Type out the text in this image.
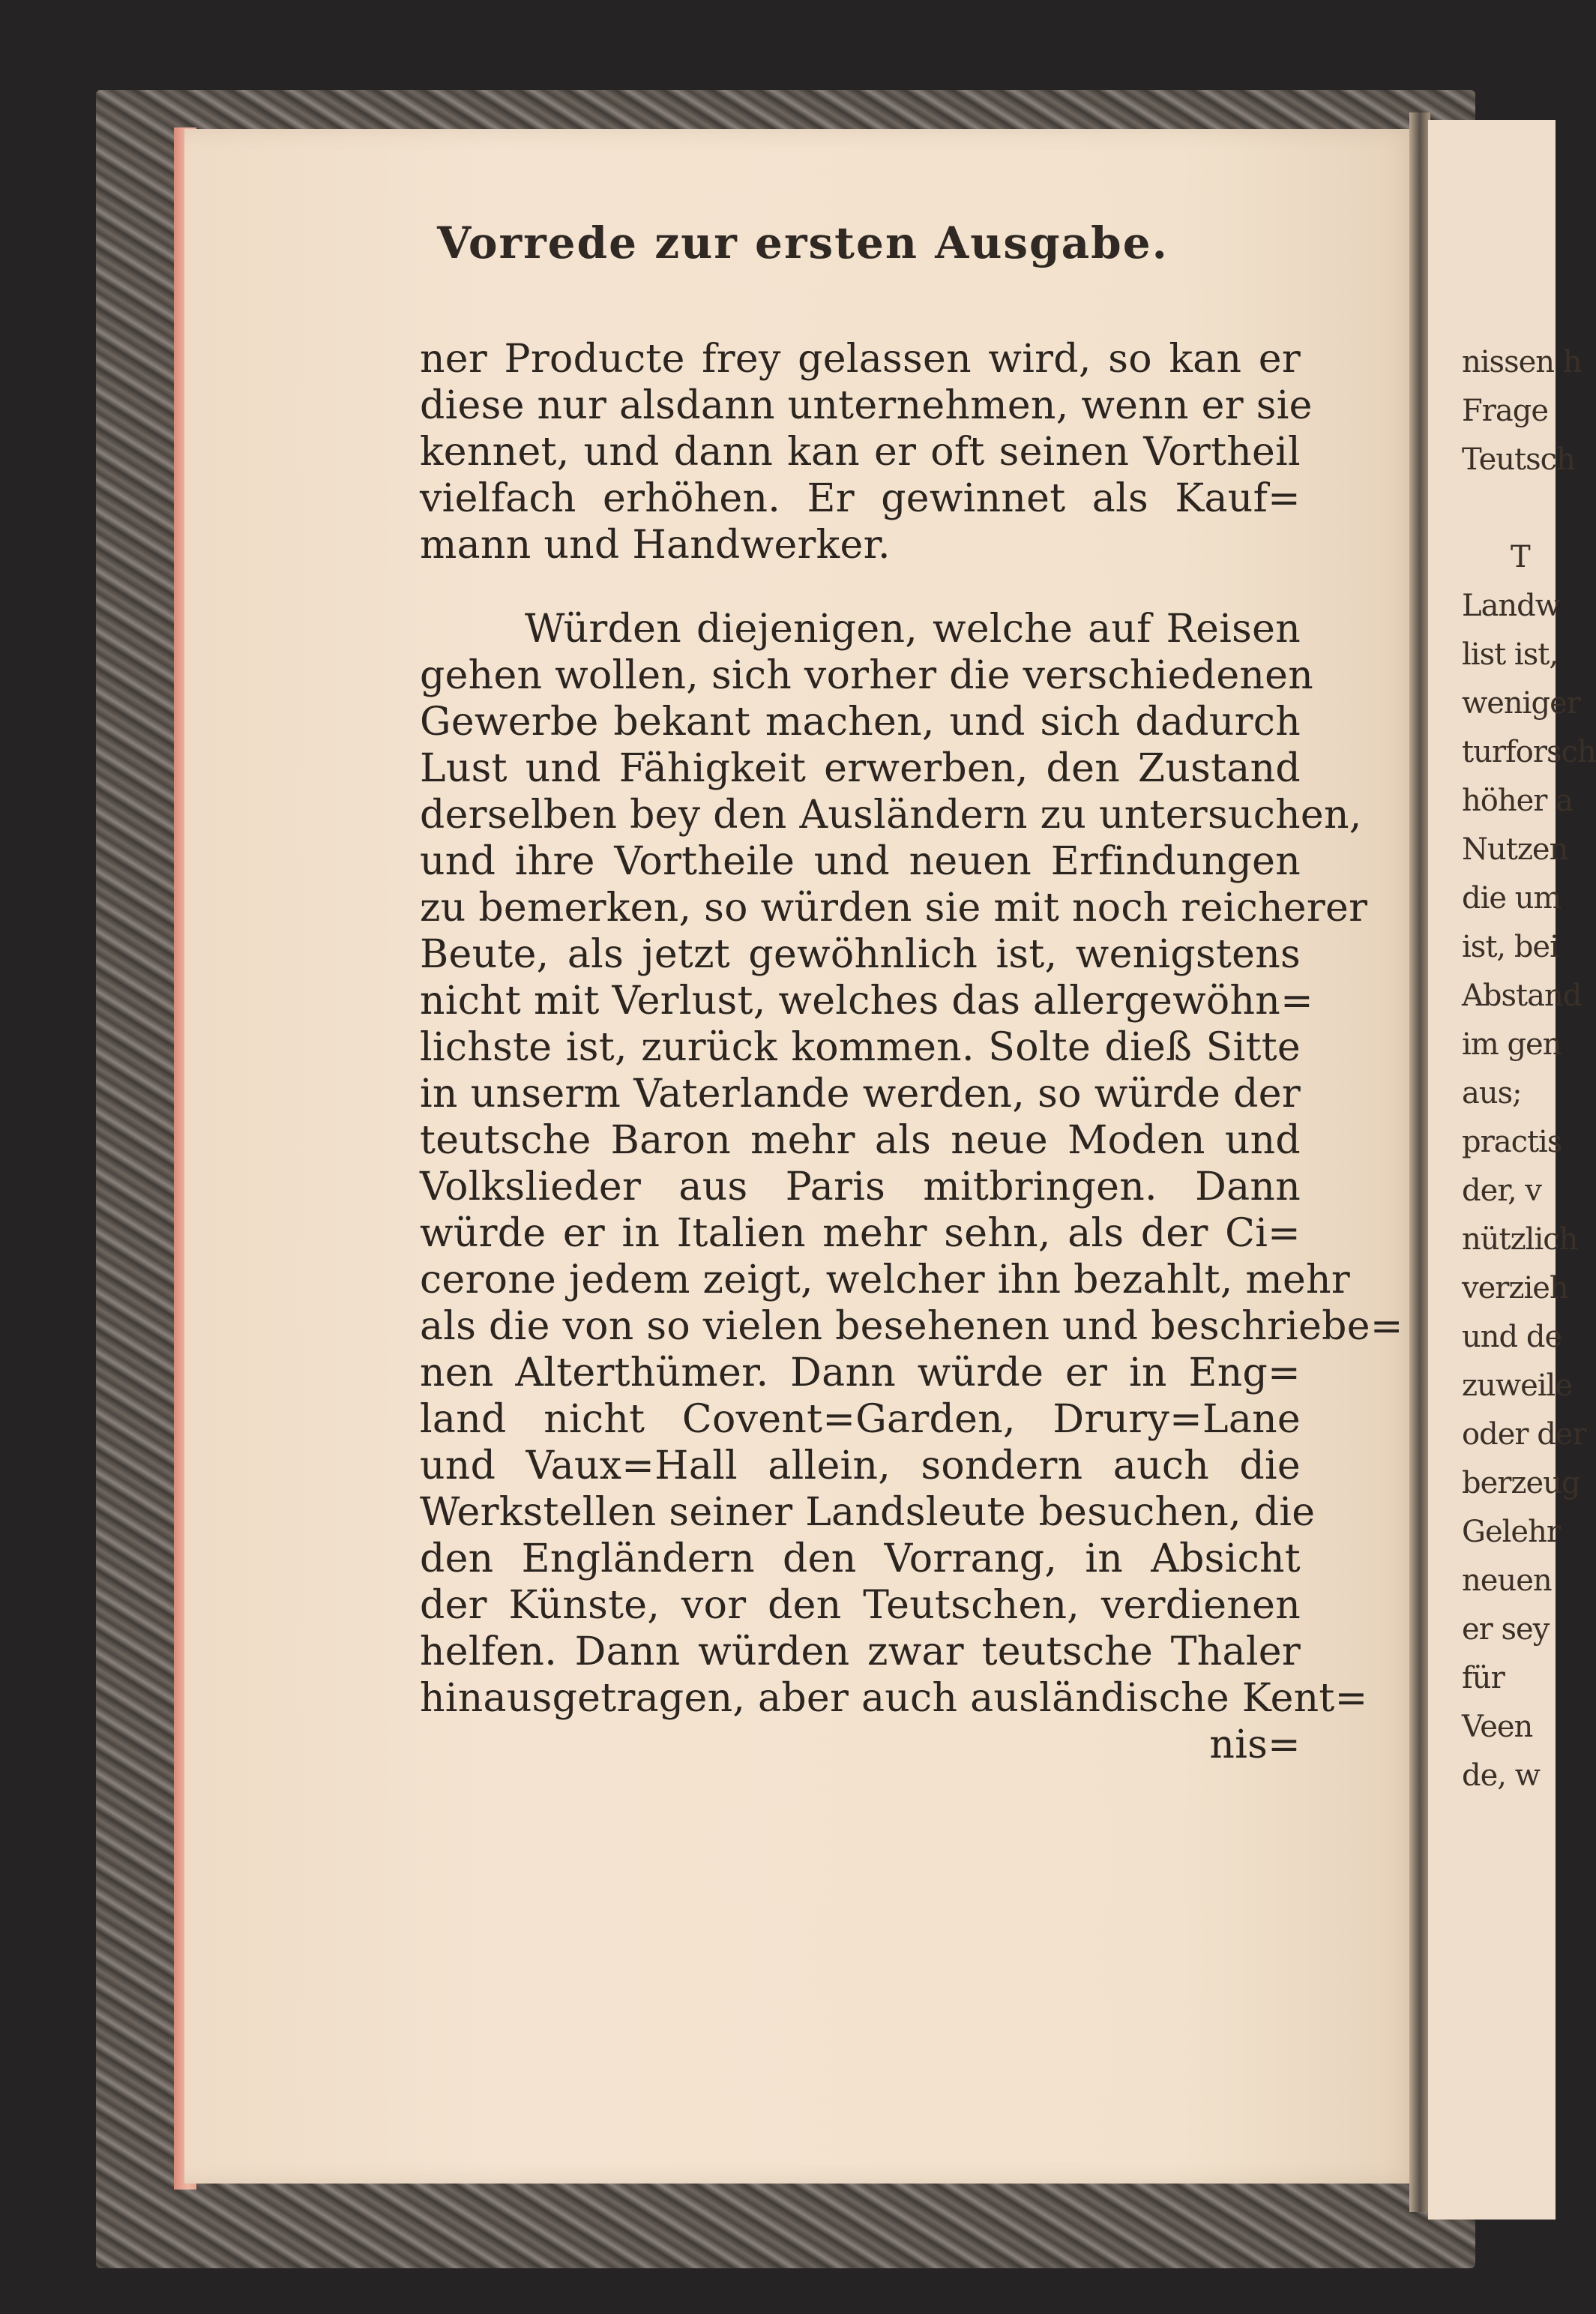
nissen h

Frage

Teutsch

T

Landw

list ist,

weniger

turforsch

höher a

Nutzen

die um

ist, bei

Abstand

im gen

aus;

practis

der, v

nützlich

verzieh

und de

zuweile

oder der

berzeug

Gelehr

neuen

er sey

für

Veen

de, w

Vorrede zur ersten Ausgabe.
ner Producte frey gelassen wird, so kan er
diese nur alsdann unternehmen, wenn er sie
kennet, und dann kan er oft seinen Vortheil
vielfach erhöhen. Er gewinnet als Kauf=
mann und Handwerker.
Würden diejenigen, welche auf Reisen
gehen wollen, sich vorher die verschiedenen
Gewerbe bekant machen, und sich dadurch
Lust und Fähigkeit erwerben, den Zustand
derselben bey den Ausländern zu untersuchen,
und ihre Vortheile und neuen Erfindungen
zu bemerken, so würden sie mit noch reicherer
Beute, als jetzt gewöhnlich ist, wenigstens
nicht mit Verlust, welches das allergewöhn=
lichste ist, zurück kommen. Solte dieß Sitte
in unserm Vaterlande werden, so würde der
teutsche Baron mehr als neue Moden und
Volkslieder aus Paris mitbringen. Dann
würde er in Italien mehr sehn, als der Ci=
cerone jedem zeigt, welcher ihn bezahlt, mehr
als die von so vielen besehenen und beschriebe=
nen Alterthümer. Dann würde er in Eng=
land nicht Covent=Garden, Drury=Lane
und Vaux=Hall allein, sondern auch die
Werkstellen seiner Landsleute besuchen, die
den Engländern den Vorrang, in Absicht
der Künste, vor den Teutschen, verdienen
helfen. Dann würden zwar teutsche Thaler
hinausgetragen, aber auch ausländische Kent=
nis=
